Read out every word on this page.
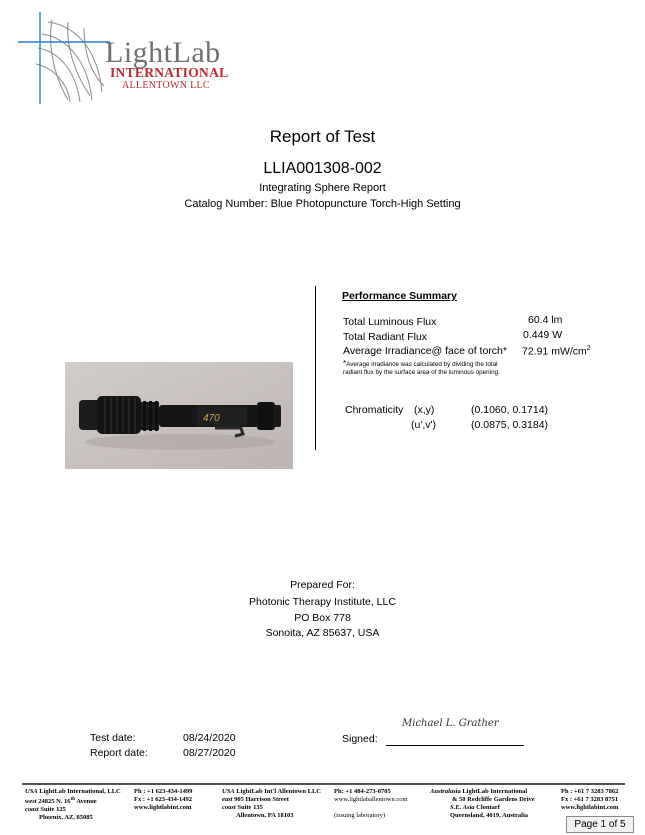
LightLab
INTERNATIONAL
ALLENTOWN LLC
Report of Test
LLIA001308-002
Integrating Sphere Report
Catalog Number: Blue Photopuncture Torch-High Setting
470
Performance Summary
Total Luminous Flux	60.4 lm
Total Radiant Flux	0.449 W
Average Irradiance@ face of torch* 72.91 $mW/cm^2$
*Average irradiance was calculated by dividing the total
radiant flux by the surface area of the luminous opening.
Chromaticity (x,y)	(0.1060, 0.1714)
(u',v')	(0.0875, 0.3184)
Prepared For:
Photonic Therapy Institute, LLC
PO Box 778
Sonoita, AZ 85637, USA
Test date:	08/24/2020
Report date:	08/27/2020
Signed:
Michael L. Grather
USA LightLab International, LLC
west 24825 N. 16th Avenue
coast Suite 125
Phoenix, AZ, 85085
Ph : +1 623-434-1499
Fx : +1 623-434-1492
www.lightlabint.com
USA LightLab Int'l Allentown LLC
east 905 Harrison Street
coast Suite 135
Allentown, PA 18103
Ph: +1 484-273-0705
www.lightlaballentown.com

(issuing laboratory)
Australasia LightLab International
& 50 Redcliffe Gardens Drive
S.E. Asia Clontarf
Queensland, 4019, Australia
Ph : +61 7 3283 7862
Fx : +61 7 3283 8751
www.lightlabint.com
Page 1 of 5
